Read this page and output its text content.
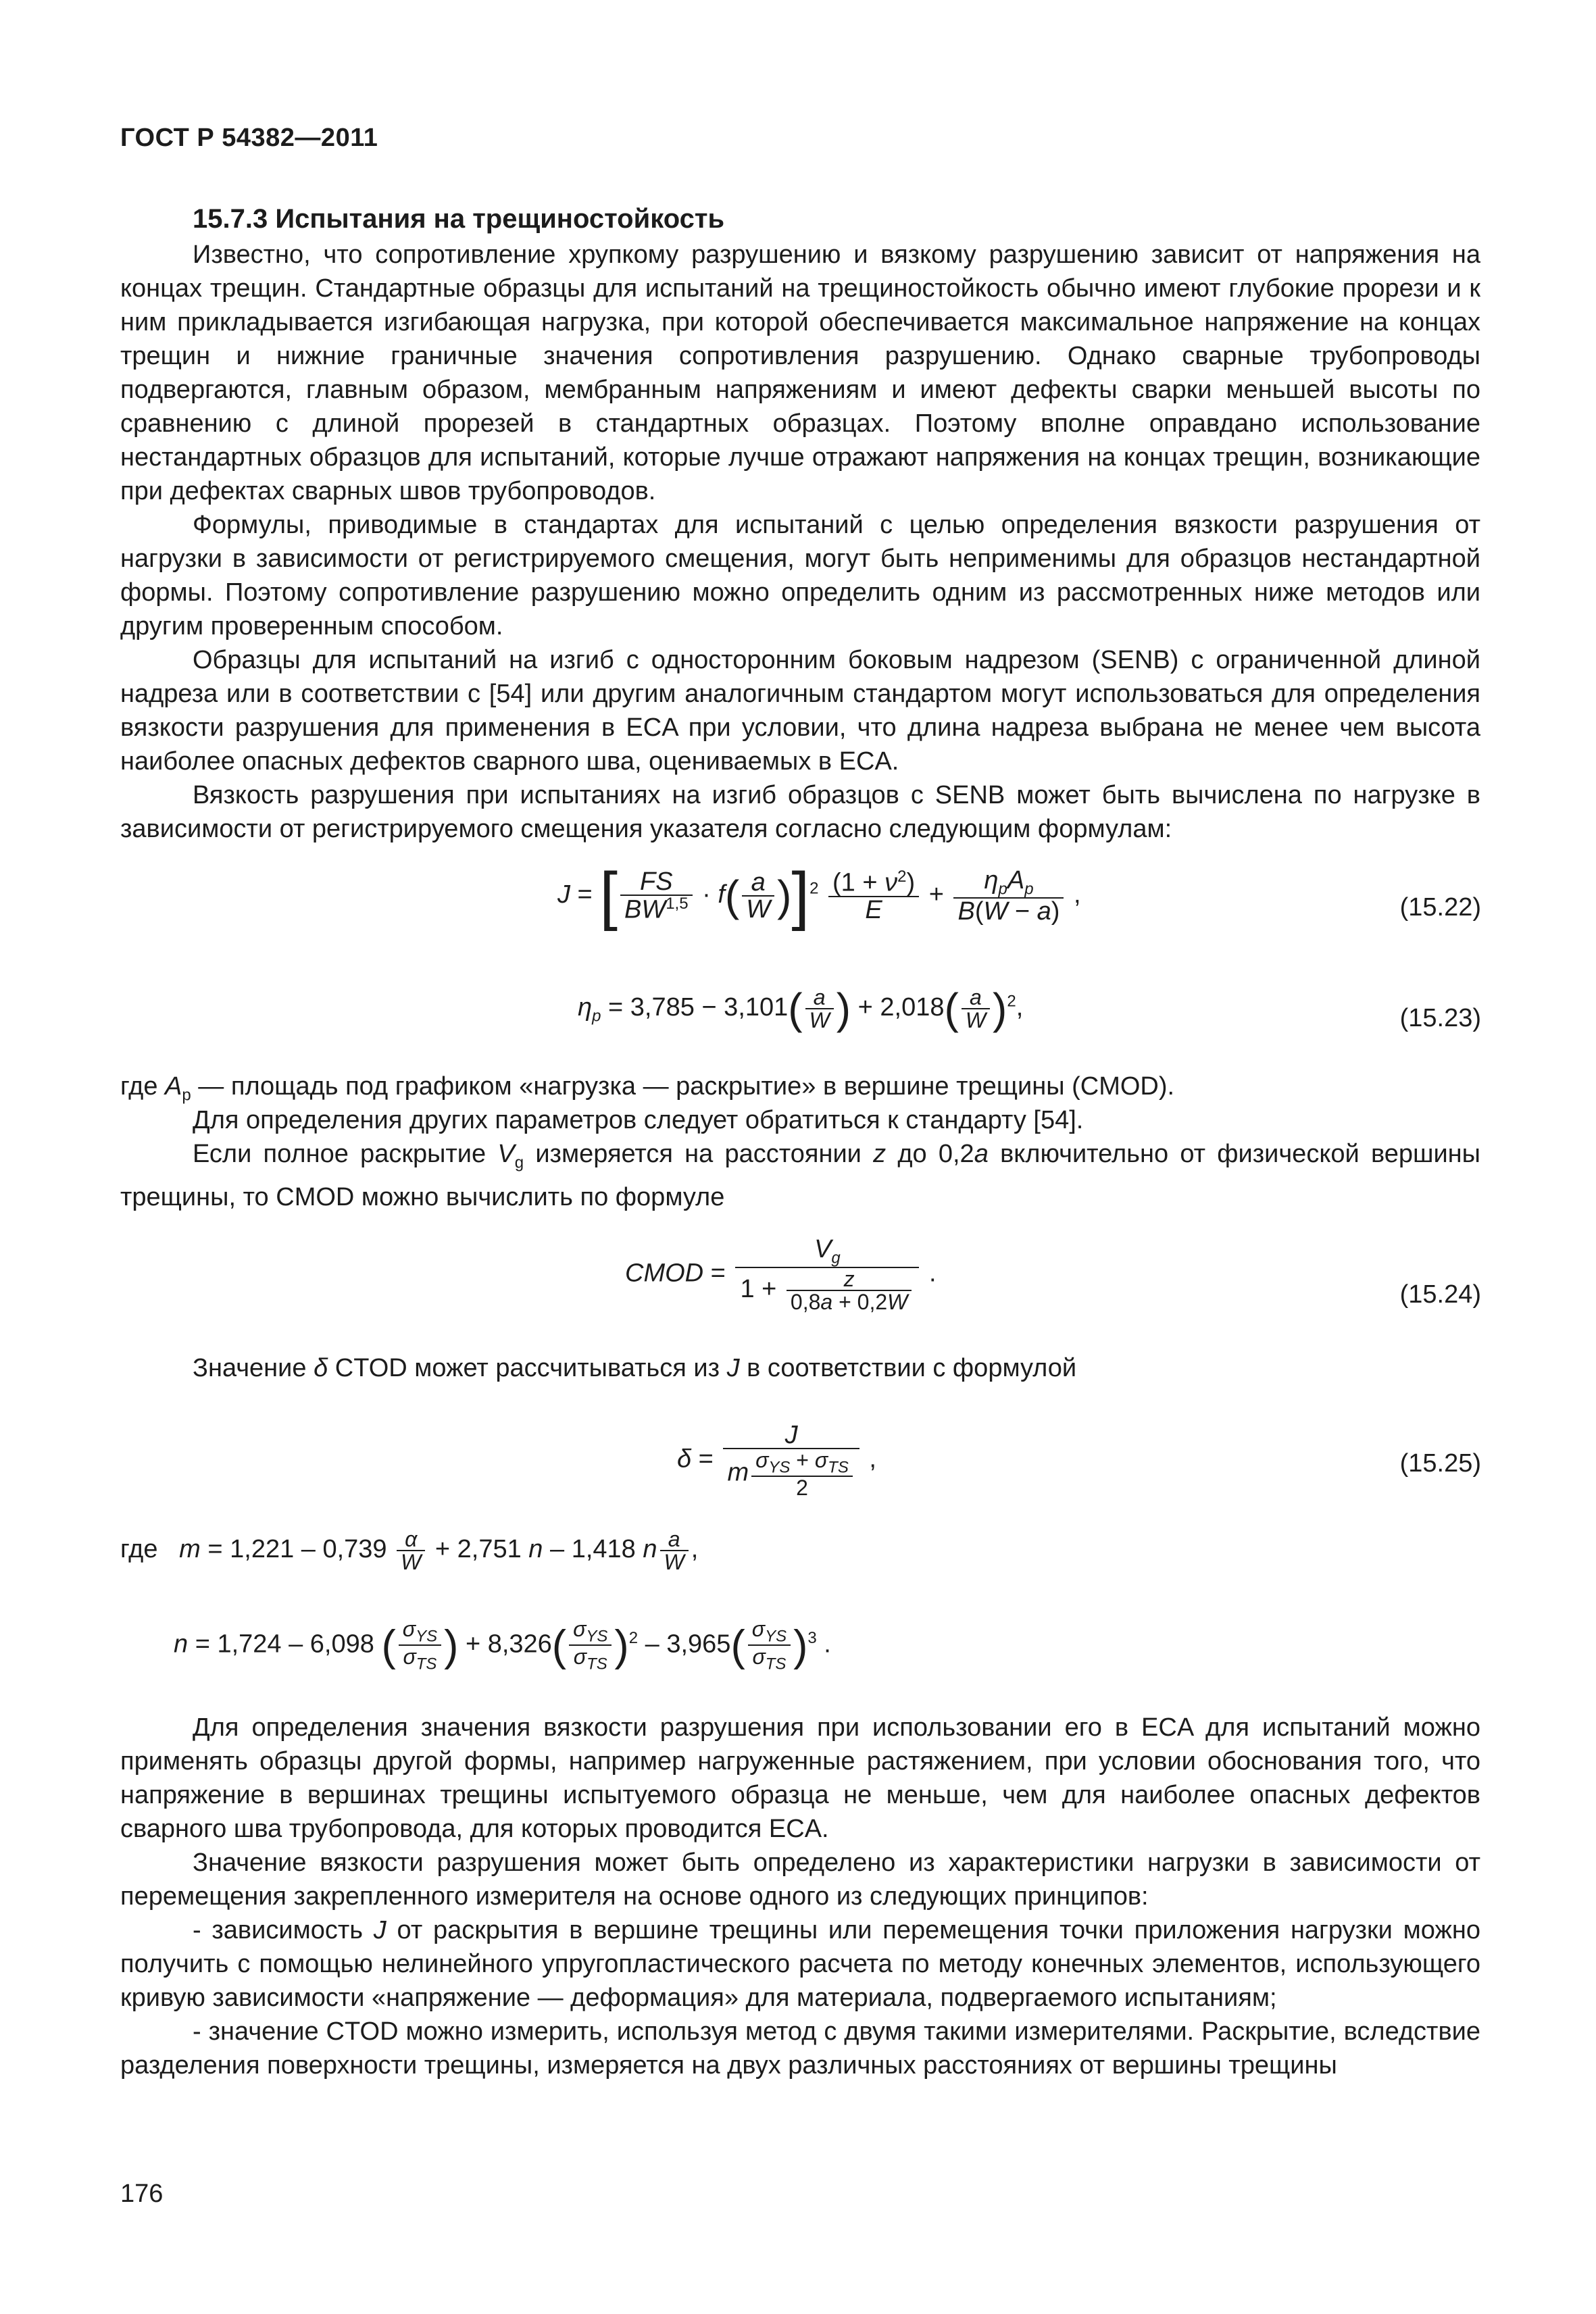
ГОСТ Р 54382—2011
15.7.3 Испытания на трещиностойкость
Известно, что сопротивление хрупкому разрушению и вязкому разрушению зависит от напряжения на концах трещин. Стандартные образцы для испытаний на трещиностойкость обычно имеют глубокие прорези и к ним прикладывается изгибающая нагрузка, при которой обеспечивается максимальное напряжение на концах трещин и нижние граничные значения сопротивления разрушению. Однако сварные трубопроводы подвергаются, главным образом, мембранным напряжениям и имеют дефекты сварки меньшей высоты по сравнению с длиной прорезей в стандартных образцах. Поэтому вполне оправдано использование нестандартных образцов для испытаний, которые лучше отражают напряжения на концах трещин, возникающие при дефектах сварных швов трубопроводов.
Формулы, приводимые в стандартах для испытаний с целью определения вязкости разрушения от нагрузки в зависимости от регистрируемого смещения, могут быть неприменимы для образцов нестандартной формы. Поэтому сопротивление разрушению можно определить одним из рассмотренных ниже методов или другим проверенным способом.
Образцы для испытаний на изгиб с односторонним боковым надрезом (SENB) с ограниченной длиной надреза или в соответствии с [54] или другим аналогичным стандартом могут использоваться для определения вязкости разрушения для применения в ECA при условии, что длина надреза выбрана не менее чем высота наиболее опасных дефектов сварного шва, оцениваемых в ECA.
Вязкость разрушения при испытаниях на изгиб образцов с SENB может быть вычислена по нагрузке в зависимости от регистрируемого смещения указателя согласно следующим формулам:
J = [ $\frac{FS}{BW^{1,5}} \cdot f( \frac{a}{W} )]^2 \frac{(1 + \nu^2)}{E}$ +
$\eta_pA_p$
B(W − a)
,	(15.22)
$\eta_p = 3,785 - 3,101( \frac{a}{W}$ ) + $2,018( \frac{a}{W} )^2$,	(15.23)
где $A_p$ — площадь под графиком «нагрузка — раскрытие» в вершине трещины (CMOD).
Для определения других параметров следует обратиться к стандарту [54].
Если полное раскрытие $V_g$ измеряется на расстоянии z до 0,2a включительно от физической вершины трещины, то CMOD можно вычислить по формуле
CMOD = $\frac{V_g}{1 + \frac{z}{0,8a + 0,2W}}$ .
(15.24)
Значение δ CTOD может рассчитываться из J в соответствии с формулой
δ =
J
m $\sigma_{YS} + \sigma_{TS}$
2
,	(15.25)
где $m = 1,221 - 0,739 \frac{\alpha}{W} + 2,751$ n – 1,418 n $\frac{a}{W}$ ,
n = 1,724 – 6,098 ( $\sigma_{YS}$
$\sigma_{TS}$ ) + 8,326( $\sigma_{YS}$
$\sigma_{TS}$ )$^2$ – 3,965( $\sigma_{YS}$
$\sigma_{TS}$ )$^3$ .
Для определения значения вязкости разрушения при использовании его в ECA для испытаний можно применять образцы другой формы, например нагруженные растяжением, при условии обоснования того, что напряжение в вершинах трещины испытуемого образца не меньше, чем для наиболее опасных дефектов сварного шва трубопровода, для которых проводится ECA.
Значение вязкости разрушения может быть определено из характеристики нагрузки в зависимости от перемещения закрепленного измерителя на основе одного из следующих принципов:
- зависимость J от раскрытия в вершине трещины или перемещения точки приложения нагрузки можно получить с помощью нелинейного упругопластического расчета по методу конечных элементов, использующего кривую зависимости «напряжение — деформация» для материала, подвергаемого испытаниям;
- значение CTOD можно измерить, используя метод с двумя такими измерителями. Раскрытие, вследствие разделения поверхности трещины, измеряется на двух различных расстояниях от вершины трещины
176
